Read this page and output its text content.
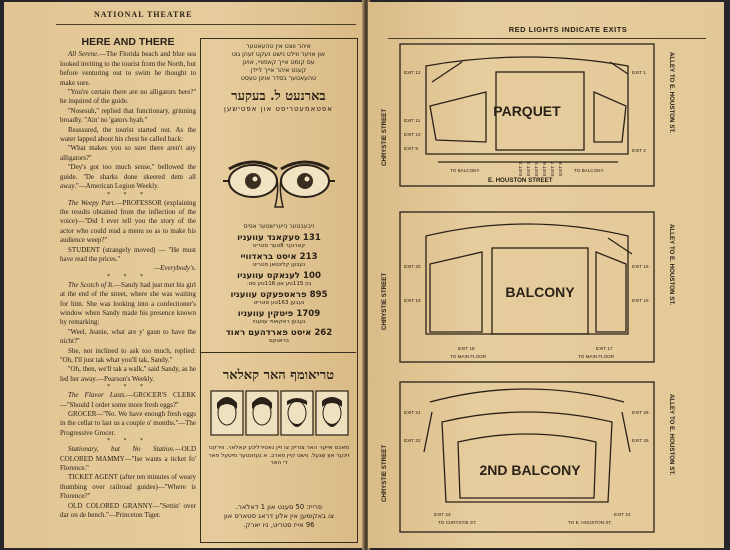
NATIONAL THEATRE
HERE AND THERE

All Serene.—The Florida beach and blue sea looked inviting to the tourist from the North, but before venturing out to swim he thought to make sure.

''You're certain there are no alligators here?'' he inquired of the guide.

''Nosesuh,'' replied that functionary, grinning broadly. ''Ain' no 'gators hyah.''

Reassured, the tourist started out. As the water lapped about his chest he called back:

''What makes you so sure there aren't any alligators?''

''Dey's got too much sense,'' bellowed the guide. ''De sharks done skeered dem all away.''—American Legion Weekly.

* * *

The Weepy Part.—PROFESSOR (explaining the results obtained from the inflection of the voice)—''Did I ever tell you the story of the actor who could read a menu so as to make his audience weep?''

STUDENT (strangely moved) — ''He must have read the prices.''

—Everybody's.
* * *

The Scotch of It.—Sandy had just met his girl at the end of the street, where she was waiting for him. She was looking into a confectioner's window when Sandy made his presence known by remarking:

''Weel, Jeanie, what are y' gaun to have the nicht?''

She, not inclined to ask too much, replied: ''Oh, I'll just tak what you'll tak, Sandy.''

''Oh, then, we'll tak a walk,'' said Sandy, as he led her away.—Pearson's Weekly.

* * *

The Flavor Lasts.—GROCER'S CLERK—''Should I order some more fresh eggs?''

GROCER—''No. We have enough fresh eggs in the cellar to last us a couple o' months.''—The Progressive Grocer.

* * *

Stationary, but No Station.—OLD COLORED MAMMY—''Ise wants a ticket fo' Florence.''

TICKET AGENT (after ten minutes of weary thumbing over railroad guides)—''Where is Florence?''

OLD COLORED GRANNY—''Settin' over dar on de bench.''—Princeton Tiger.

איהר ווצט אין טהעאטער
און אויער ווילט נישט נעקט זעהן גוט
עס קומט אייך קאפוויי, אויגן
קענט איהר אייך ליידן
טהעאטער בסדר אויגן טעסט
בארנעט ל. בעקער
אפטאמעטריסט און אפטישען
זיבעבטער נייערישטער אפיס
131 סעקאנד עוועניו
קארנער 8טער סטריט
213 איסט בראדוויי
נעבען קלינטאן סטריט
100 לענאקס עוועניו
בין 115טע און 116טע סט.
895 פראספעקט עוועניו
נעבען 163טע סטריט
1709 פיטקין עוועניו
נעבען ראקאוויי עוועניו
262 איסט פארדהעם ראוד
בראנקס
טריאומף האר קאלאר
מאכט אייער האר צוריק צו זיין נאטירליכע קאלאר. ווירקט זיכער און שנעל. נישט קיין פארב. א געזונטער מיטעל פאר די האר
פרייז: 50 סענט און 1 דאלאר.
צו באקומען אין אלע דראג סטארס און
96 אייז סטריט, ניו יארק.
RED LIGHTS INDICATE EXITS
PARQUET
BALCONY
2ND BALCONY
CHRYSTIE STREET
ALLEY TO E. HOUSTON ST.
E. HOUSTON STREET
CHRYSTIE STREET	ALLEY TO E. HOUSTON ST.
CHRYSTIE STREET	ALLEY TO E. HOUSTON ST.
EXIT 12
EXIT 11
EXIT 10
EXIT 9
EXIT 1
EXIT 3 EXIT 4 EXIT 5 EXIT 6 EXIT 7 EXIT 8
EXIT 2
TO BALCONY	TO BALCONY
EXIT 20
EXIT 19
EXIT 18	EXIT 17
EXIT 16
EXIT 15
TO MAIN FLOOR	TO MAIN FLOOR
EXIT 21
EXIT 22
EXIT 23	EXIT 24
EXIT 26
EXIT 25
TO CHRYSTIE ST.	TO E. HOUSTON ST.
